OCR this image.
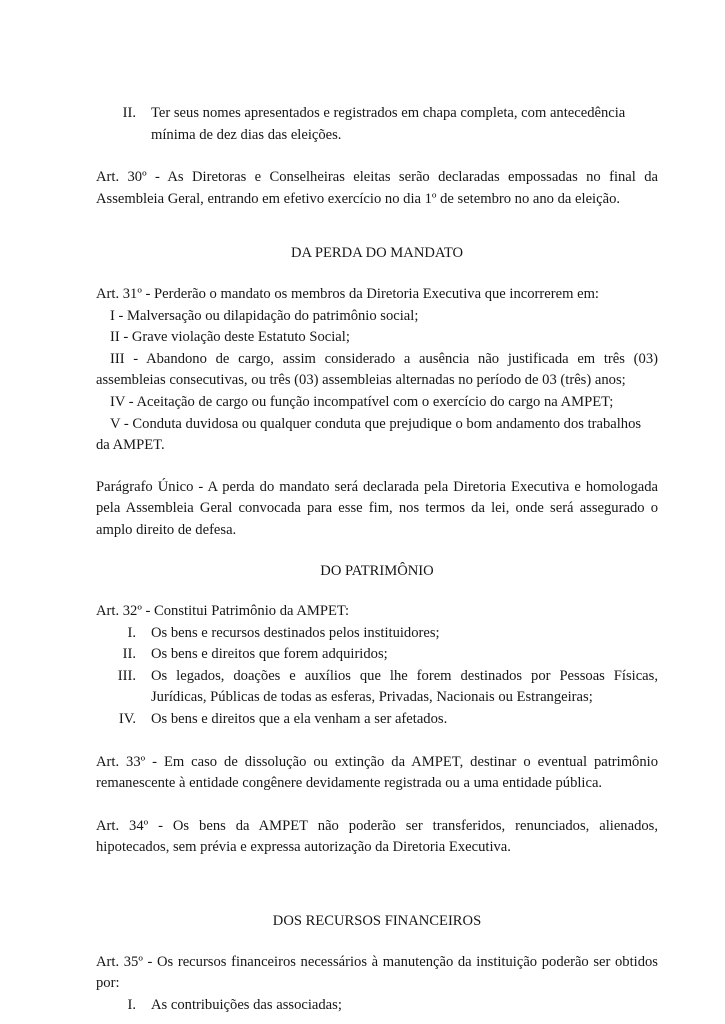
II. Ter seus nomes apresentados e registrados em chapa completa, com antecedência mínima de dez dias das eleições.

Art. 30º - As Diretoras e Conselheiras eleitas serão declaradas empossadas no final da Assembleia Geral, entrando em efetivo exercício no dia 1º de setembro no ano da eleição.

DA PERDA DO MANDATO

Art. 31º - Perderão o mandato os membros da Diretoria Executiva que incorrerem em:

I - Malversação ou dilapidação do patrimônio social;
II - Grave violação deste Estatuto Social;
III - Abandono de cargo, assim considerado a ausência não justificada em três (03) assembleias consecutivas, ou três (03) assembleias alternadas no período de 03 (três) anos;
IV - Aceitação de cargo ou função incompatível com o exercício do cargo na AMPET;
V - Conduta duvidosa ou qualquer conduta que prejudique o bom andamento dos trabalhos da AMPET.

Parágrafo Único - A perda do mandato será declarada pela Diretoria Executiva e homologada pela Assembleia Geral convocada para esse fim, nos termos da lei, onde será assegurado o amplo direito de defesa.

DO PATRIMÔNIO

Art. 32º - Constitui Patrimônio da AMPET:

I. Os bens e recursos destinados pelos instituidores;
II. Os bens e direitos que forem adquiridos;
III. Os legados, doações e auxílios que lhe forem destinados por Pessoas Físicas, Jurídicas, Públicas de todas as esferas, Privadas, Nacionais ou Estrangeiras;
IV. Os bens e direitos que a ela venham a ser afetados.

Art. 33º - Em caso de dissolução ou extinção da AMPET, destinar o eventual patrimônio remanescente à entidade congênere devidamente registrada ou a uma entidade pública.

Art. 34º - Os bens da AMPET não poderão ser transferidos, renunciados, alienados, hipotecados, sem prévia e expressa autorização da Diretoria Executiva.

DOS RECURSOS FINANCEIROS

Art. 35º - Os recursos financeiros necessários à manutenção da instituição poderão ser obtidos por:

I. As contribuições das associadas;
